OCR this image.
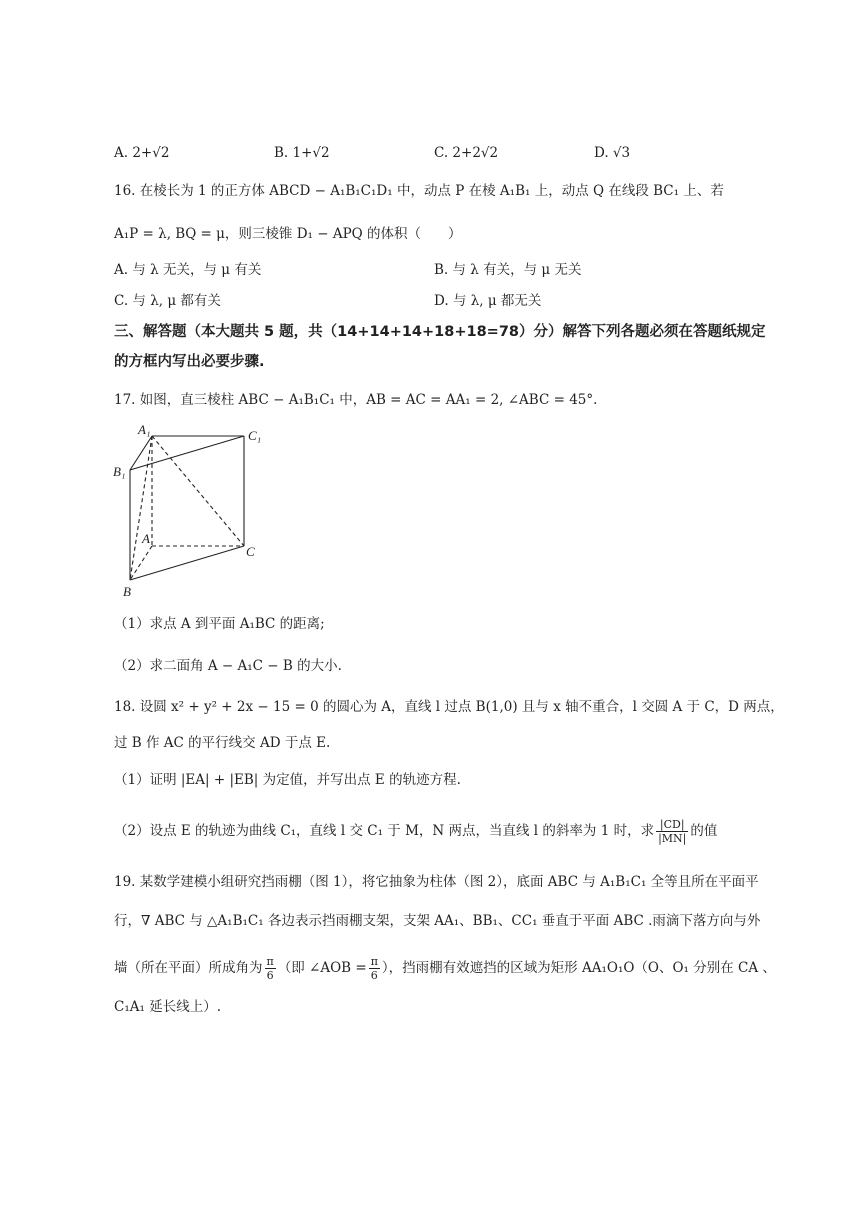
A. 2+√2	B. 1+√2	C. 2+2√2	D. √3
16. 在棱长为 1 的正方体 ABCD − A₁B₁C₁D₁ 中，动点 P 在棱 A₁B₁ 上，动点 Q 在线段 BC₁ 上、若
A₁P = λ, BQ = μ，则三棱锥 D₁ − APQ 的体积（　　）
A. 与 λ 无关，与 μ 有关	B. 与 λ 有关，与 μ 无关
C. 与 λ, μ 都有关	D. 与 λ, μ 都无关
三、解答题（本大题共 5 题，共（14+14+14+18+18=78）分）解答下列各题必须在答题纸规定
的方框内写出必要步骤.
17. 如图，直三棱柱 ABC − A₁B₁C₁ 中，AB = AC = AA₁ = 2, ∠ABC = 45°.
A₁	C₁
B₁
A
C
B
（1）求点 A 到平面 A₁BC 的距离;
（2）求二面角 A − A₁C − B 的大小.
18. 设圆 x² + y² + 2x − 15 = 0 的圆心为 A，直线 l 过点 B(1,0) 且与 x 轴不重合，l 交圆 A 于 C，D 两点，
过 B 作 AC 的平行线交 AD 于点 E.
（1）证明 |EA| + |EB| 为定值，并写出点 E 的轨迹方程.
（2）设点 E 的轨迹为曲线 C₁，直线 l 交 C₁ 于 M，N 两点，当直线 l 的斜率为 1 时，求 $\frac{|CD|}{|MN|}$ 的值
19. 某数学建模小组研究挡雨棚（图 1），将它抽象为柱体（图 2），底面 ABC 与 A₁B₁C₁ 全等且所在平面平
行，∇ ABC 与 △A₁B₁C₁ 各边表示挡雨棚支架，支架 AA₁、BB₁、CC₁ 垂直于平面 ABC .雨滴下落方向与外
墙（所在平面）所成角为 $\frac{\pi}{6}$ （即 ∠AOB = $\frac{\pi}{6}$ ），挡雨棚有效遮挡的区域为矩形 AA₁O₁O（O、O₁ 分别在 CA 、
C₁A₁ 延长线上）.
